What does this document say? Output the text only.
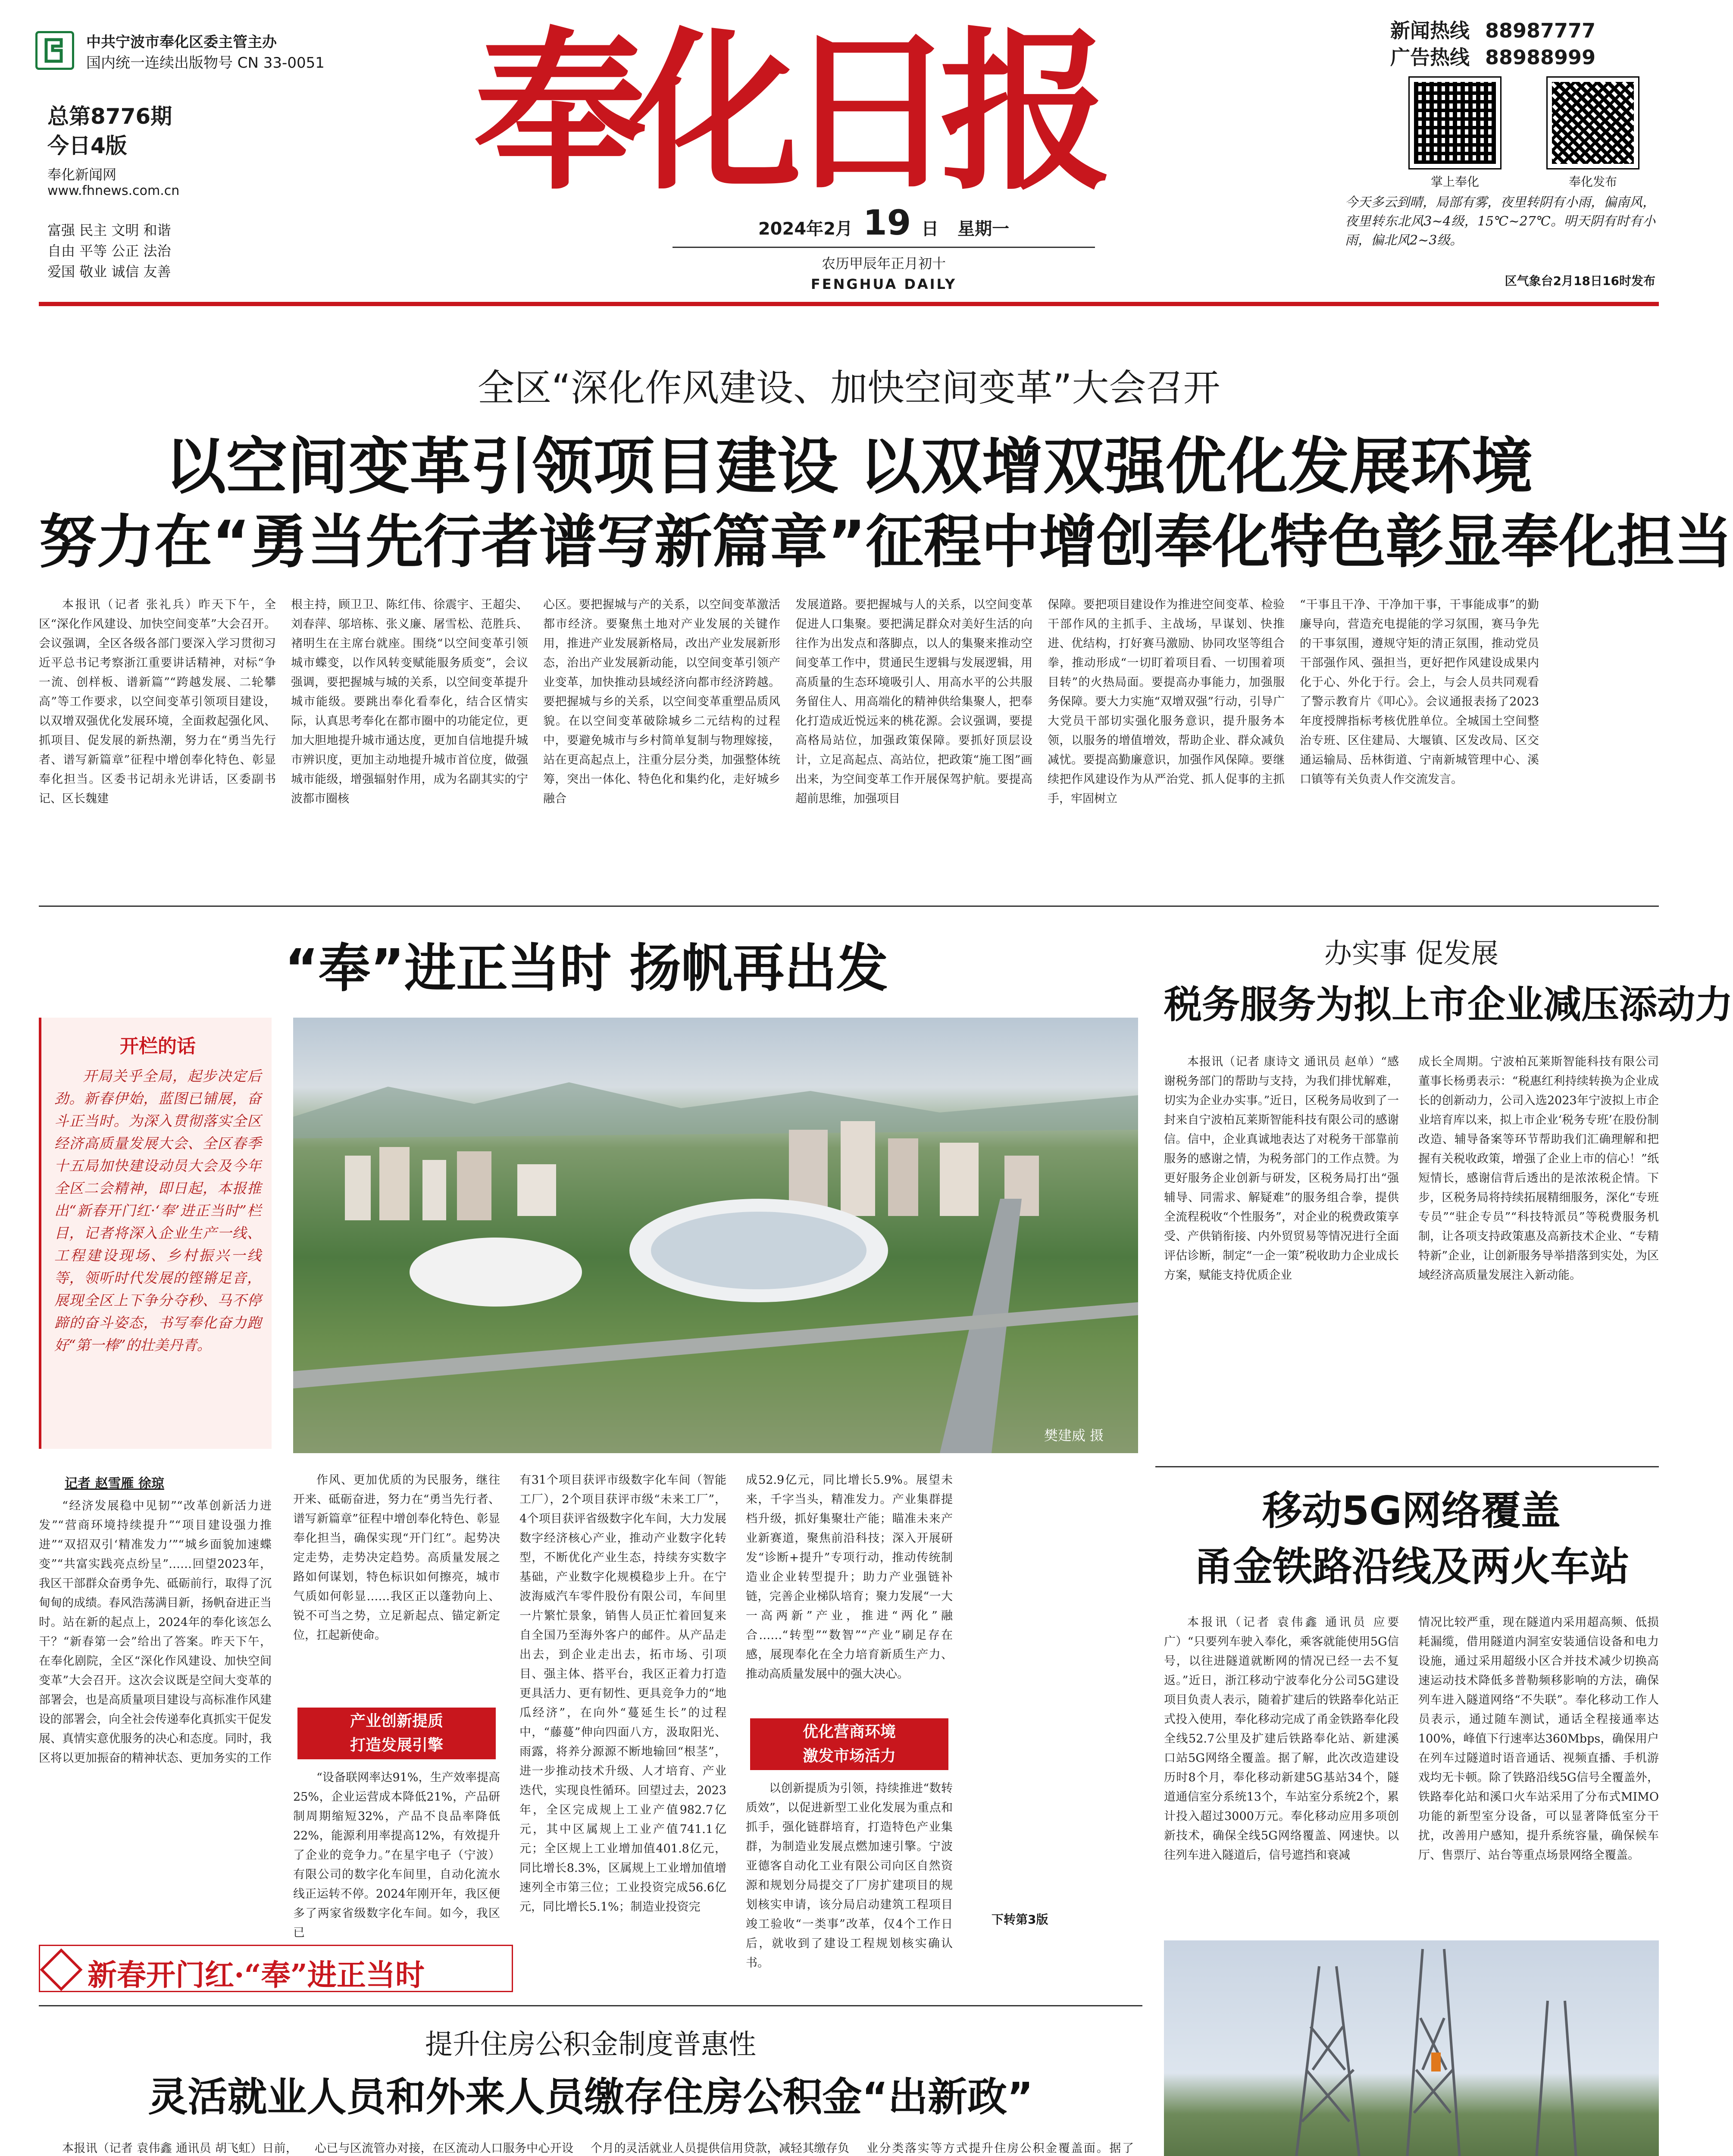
中共宁波市奉化区委主管主办
国内统一连续出版物号 CN 33-0051
总第8776期
今日4版
奉化新闻网
www.fhnews.com.cn
富强 民主 文明 和谐
自由 平等 公正 法治
爱国 敬业 诚信 友善
奉化日报
2024年2月 19 日 星期一
农历甲辰年正月初十
FENGHUA DAILY
新闻热线 88987777
广告热线 88988999
掌上奉化	奉化发布
今天多云到晴，局部有雾，夜里转阴有小雨，偏南风，夜里转东北风3~4级，15℃~27℃。明天阴有时有小雨，偏北风2~3级。
区气象台2月18日16时发布
全区“深化作风建设、加快空间变革”大会召开
以空间变革引领项目建设 以双增双强优化发展环境
努力在“勇当先行者谱写新篇章”征程中增创奉化特色彰显奉化担当
本报讯（记者 张礼兵）昨天下午，全区“深化作风建设、加快空间变革”大会召开。会议强调，全区各级各部门要深入学习贯彻习近平总书记考察浙江重要讲话精神，对标“争一流、创样板、谱新篇”“跨越发展、二轮攀高”等工作要求，以空间变革引领项目建设，以双增双强优化发展环境，全面救起强化风、抓项目、促发展的新热潮，努力在“勇当先行者、谱写新篇章”征程中增创奉化特色、彰显奉化担当。区委书记胡永光讲话，区委副书记、区长魏建
根主持，顾卫卫、陈红伟、徐震宇、王超尖、刘春萍、邬培栋、张义廉、屠雪松、范胜兵、褚明生在主席台就座。围绕“以空间变革引领城市蝶变，以作风转变赋能服务质变”，会议强调，要把握城与城的关系，以空间变革提升城市能级。要跳出奉化看奉化，结合区情实际，认真思考奉化在都市圈中的功能定位，更加大胆地提升城市通达度，更加自信地提升城市辨识度，更加主动地提升城市首位度，做强城市能级，增强辐射作用，成为名副其实的宁波都市圈核
心区。要把握城与产的关系，以空间变革激活都市经济。要聚焦土地对产业发展的关键作用，推进产业发展新格局，改出产业发展新形态，治出产业发展新动能，以空间变革引领产业变革，加快推动县域经济向都市经济跨越。要把握城与乡的关系，以空间变革重塑品质风貌。在以空间变革破除城乡二元结构的过程中，要避免城市与乡村简单复制与物理嫁接，站在更高起点上，注重分层分类，加强整体统筹，突出一体化、特色化和集约化，走好城乡融合
发展道路。要把握城与人的关系，以空间变革促进人口集聚。要把满足群众对美好生活的向往作为出发点和落脚点，以人的集聚来推动空间变革工作中，贯通民生逻辑与发展逻辑，用高质量的生态环境吸引人、用高水平的公共服务留住人、用高端化的精神供给集聚人，把奉化打造成近悦远来的桃花源。会议强调，要提高格局站位，加强政策保障。要抓好顶层设计，立足高起点、高站位，把政策“施工图”画出来，为空间变革工作开展保驾护航。要提高超前思维，加强项目
保障。要把项目建设作为推进空间变革、检验干部作风的主抓手、主战场，早谋划、快推进、优结构，打好赛马激励、协同攻坚等组合拳，推动形成“一切盯着项目看、一切围着项目转”的火热局面。要提高办事能力，加强服务保障。要大力实施“双增双强”行动，引导广大党员干部切实强化服务意识，提升服务本领，以服务的增值增效，帮助企业、群众减负减忧。要提高勤廉意识，加强作风保障。要继续把作风建设作为从严治党、抓人促事的主抓手，牢固树立
“干事且干净、干净加干事，干事能成事”的勤廉导向，营造充电提能的学习氛围，赛马争先的干事氛围，遵规守矩的清正氛围，推动党员干部强作风、强担当，更好把作风建设成果内化于心、外化于行。会上，与会人员共同观看了警示教育片《叩心》。会议通报表扬了2023年度授牌指标考核优胜单位。全城国土空间整治专班、区住建局、大堰镇、区发改局、区交通运输局、岳林街道、宁南新城管理中心、溪口镇等有关负责人作交流发言。
“奉”进正当时 扬帆再出发
开栏的话
开局关乎全局，起步决定后劲。新春伊始，蓝图已铺展，奋斗正当时。为深入贯彻落实全区经济高质量发展大会、全区春季十五局加快建设动员大会及今年全区二会精神，即日起，本报推出“新春开门红·‘奉’进正当时”栏目，记者将深入企业生产一线、工程建设现场、乡村振兴一线等，领听时代发展的铿锵足音，展现全区上下争分夺秒、马不停蹄的奋斗姿态，书写奉化奋力跑好“第一棒”的壮美丹青。
樊建威 摄
记者 赵雪雁 徐琼
“经济发展稳中见韧”“改革创新活力迸发”“营商环境持续提升”“项目建设强力推进”“双招双引‘精准发力’”“城乡面貌加速蝶变”“共富实践亮点纷呈”……回望2023年，我区干部群众奋勇争先、砥砺前行，取得了沉甸甸的成绩。春风浩荡满目新，扬帆奋进正当时。站在新的起点上，2024年的奉化该怎么干？“新春第一会”给出了答案。昨天下午，在奉化剧院，全区“深化作风建设、加快空间变革”大会召开。这次会议既是空间大变革的部署会，也是高质量项目建设与高标准作风建设的部署会，向全社会传递奉化真抓实干促发展、真情实意优服务的决心和态度。同时，我区将以更加振奋的精神状态、更加务实的工作
作风、更加优质的为民服务，继往开来、砥砺奋进，努力在“勇当先行者、谱写新篇章”征程中增创奉化特色、彰显奉化担当，确保实现“开门红”。起势决定走势，走势决定趋势。高质量发展之路如何谋划，特色标识如何擦亮，城市气质如何彰显……我区正以蓬勃向上、锐不可当之势，立足新起点、锚定新定位，扛起新使命。
产业创新提质
打造发展引擎
“设备联网率达91%，生产效率提高25%，企业运营成本降低21%，产品研制周期缩短32%，产品不良品率降低22%，能源利用率提高12%，有效提升了企业的竞争力。”在星宇电子（宁波）有限公司的数字化车间里，自动化流水线正运转不停。2024年刚开年，我区便多了两家省级数字化车间。如今，我区已
有31个项目获评市级数字化车间（智能工厂），2个项目获评市级“未来工厂”，4个项目获评省级数字化车间，大力发展数字经济核心产业，推动产业数字化转型，不断优化产业生态，持续夯实数字基础，产业数字化规模稳步上升。在宁波海威汽车零件股份有限公司，车间里一片繁忙景象，销售人员正忙着回复来自全国乃至海外客户的邮件。从产品走出去，到企业走出去，拓市场、引项目、强主体、搭平台，我区正着力打造更具活力、更有韧性、更具竞争力的“地瓜经济”，在向外“蔓延生长”的过程中，“藤蔓”伸向四面八方，汲取阳光、雨露，将养分源源不断地输回“根茎”，进一步推动技术升级、人才培育、产业迭代，实现良性循环。回望过去，2023年，全区完成规上工业产值982.7亿元，其中区属规上工业产值741.1亿元；全区规上工业增加值401.8亿元，同比增长8.3%，区属规上工业增加值增速列全市第三位；工业投资完成56.6亿元，同比增长5.1%；制造业投资完
成52.9亿元，同比增长5.9%。展望未来，千字当头，精准发力。产业集群提档升级，抓好集聚壮产能；瞄准未来产业新赛道，聚焦前沿科技；深入开展研发“诊断+提升”专项行动，推动传统制造业企业转型提升；助力产业强链补链，完善企业梯队培育；聚力发展“一大一高两新”产业，推进“两化”融合……“转型”“数智”“产业”刷足存在感，展现奉化在全力培育新质生产力、推动高质量发展中的强大决心。
优化营商环境
激发市场活力
以创新提质为引领，持续推进“数转质效”，以促进新型工业化发展为重点和抓手，强化链群培育，打造特色产业集群，为制造业发展点燃加速引擎。宁波亚德客自动化工业有限公司向区自然资源和规划分局提交了厂房扩建项目的规划核实申请，该分局启动建筑工程项目竣工验收“一类事”改革，仅4个工作日后，就收到了建设工程规划核实确认书。
下转第3版
新春开门红·“奉”进正当时
办实事 促发展
税务服务为拟上市企业减压添动力
本报讯（记者 康诗文 通讯员 赵单）“感谢税务部门的帮助与支持，为我们排忧解难，切实为企业办实事。”近日，区税务局收到了一封来自宁波柏瓦莱斯智能科技有限公司的感谢信。信中，企业真诚地表达了对税务干部靠前服务的感谢之情，为税务部门的工作点赞。为更好服务企业创新与研发，区税务局打出“强辅导、同需求、解疑难”的服务组合拳，提供全流程税收“个性服务”，对企业的税费政策享受、产供销衔接、内外贸贸易等情况进行全面评估诊断，制定“一企一策”税收助力企业成长方案，赋能支持优质企业
成长全周期。宁波柏瓦莱斯智能科技有限公司董事长杨勇表示：“税惠红利持续转换为企业成长的创新动力，公司入选2023年宁波拟上市企业培育库以来，拟上市企业‘税务专班’在股份制改造、辅导备案等环节帮助我们汇确理解和把握有关税收政策，增强了企业上市的信心！”纸短情长，感谢信背后透出的是浓浓税企情。下步，区税务局将持续拓展精细服务，深化“专班专员”“驻企专员”“科技特派员”等税费服务机制，让各项支持政策惠及高新技术企业、“专精特新”企业，让创新服务导举措落到实处，为区域经济高质量发展注入新动能。
移动5G网络覆盖
甬金铁路沿线及两火车站
本报讯（记者 袁伟鑫 通讯员 应要广）“只要列车驶入奉化，乘客就能使用5G信号，以往进隧道就断网的情况已经一去不复返。”近日，浙江移动宁波奉化分公司5G建设项目负责人表示，随着扩建后的铁路奉化站正式投入使用，奉化移动完成了甬金铁路奉化段全线52.7公里及扩建后铁路奉化站、新建溪口站5G网络全覆盖。据了解，此次改造建设历时8个月，奉化移动新建5G基站34个，隧道通信室分系统13个，车站室分系统2个，累计投入超过3000万元。奉化移动应用多项创新技术，确保全线5G网络覆盖、网速快。以往列车进入隧道后，信号遮挡和衰减
情况比较严重，现在隧道内采用超高频、低损耗漏缆，借用隧道内洞室安装通信设备和电力设施，通过采用超级小区合并技术减少切换高速运动技术降低多普勒频移影响的方法，确保列车进入隧道网络“不失联”。奉化移动工作人员表示，通过随车测试，通话全程接通率达100%，峰值下行速率达360Mbps，确保用户在列车过隧道时语音通话、视频直播、手机游戏均无卡顿。除了铁路沿线5G信号全覆盖外，铁路奉化站和溪口火车站采用了分布式MIMO功能的新型室分设备，可以显著降低室分干扰，改善用户感知，提升系统容量，确保候车厅、售票厅、站台等重点场景网络全覆盖。
提升住房公积金制度普惠性
灵活就业人员和外来人员缴存住房公积金“出新政”
本报讯（记者 袁伟鑫 通讯员 胡飞虹）日前， 心已与区流管办对接，在区流动人口服务中心开设 个月的灵活就业人员提供信用贷款，减轻其缴存负 业分类落实等方式提升住房公积金覆盖面。据了
